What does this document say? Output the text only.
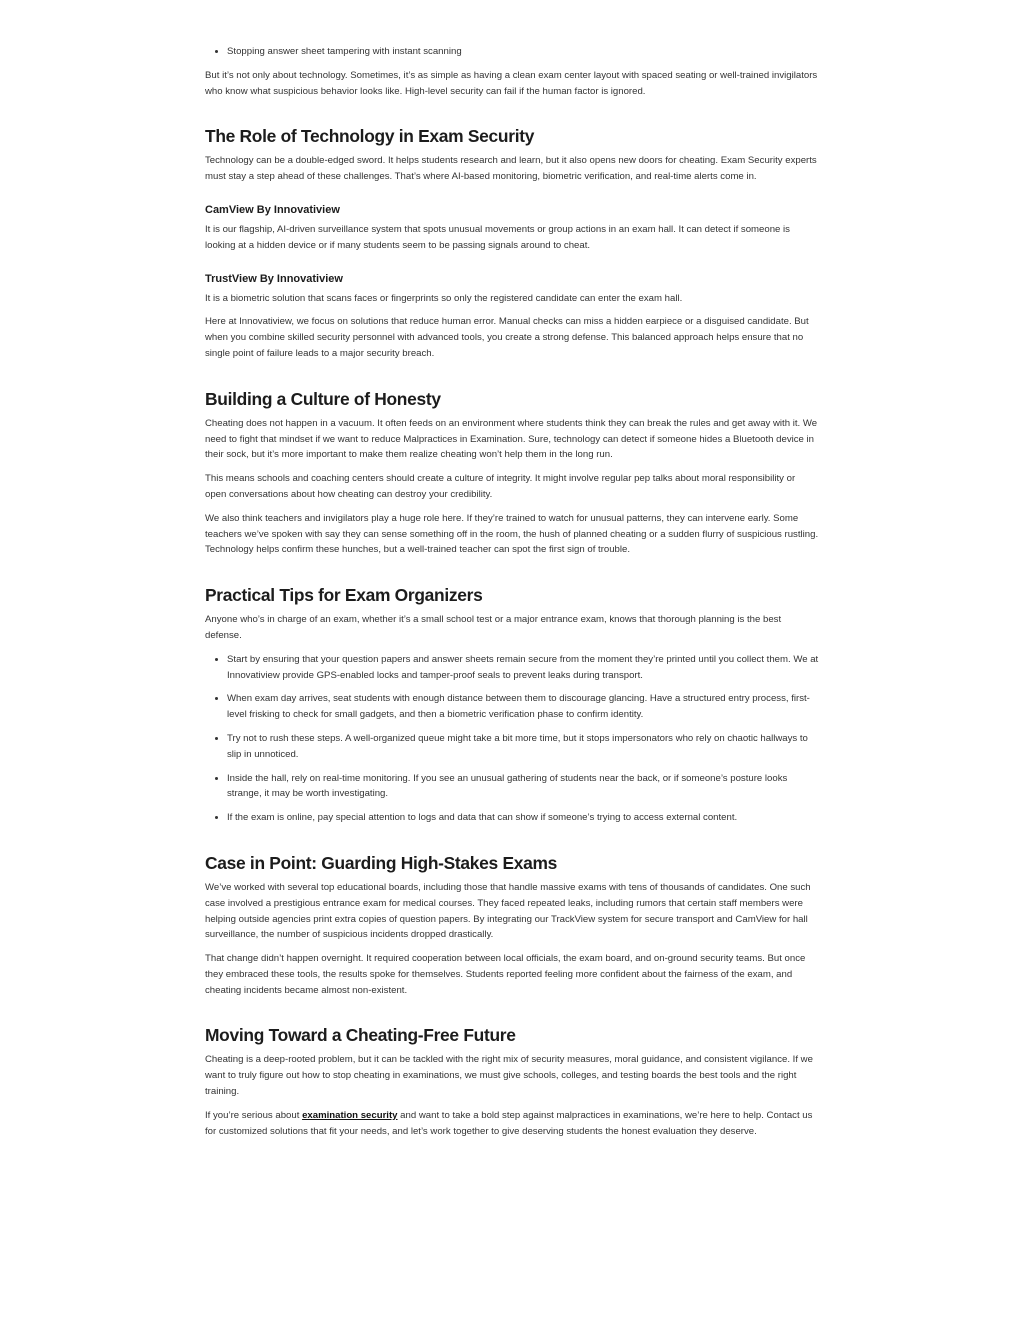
• Stopping answer sheet tampering with instant scanning

But it’s not only about technology. Sometimes, it’s as simple as having a clean exam center layout with spaced seating or well-trained invigilators who know what suspicious behavior looks like. High-level security can fail if the human factor is ignored.

The Role of Technology in Exam Security

Technology can be a double-edged sword. It helps students research and learn, but it also opens new doors for cheating. Exam Security experts must stay a step ahead of these challenges. That’s where AI-based monitoring, biometric verification, and real-time alerts come in.

CamView By Innovatiview

It is our flagship, AI-driven surveillance system that spots unusual movements or group actions in an exam hall. It can detect if someone is looking at a hidden device or if many students seem to be passing signals around to cheat.

TrustView By Innovatiview

It is a biometric solution that scans faces or fingerprints so only the registered candidate can enter the exam hall.

Here at Innovatiview, we focus on solutions that reduce human error. Manual checks can miss a hidden earpiece or a disguised candidate. But when you combine skilled security personnel with advanced tools, you create a strong defense. This balanced approach helps ensure that no single point of failure leads to a major security breach.

Building a Culture of Honesty

Cheating does not happen in a vacuum. It often feeds on an environment where students think they can break the rules and get away with it. We need to fight that mindset if we want to reduce Malpractices in Examination. Sure, technology can detect if someone hides a Bluetooth device in their sock, but it’s more important to make them realize cheating won’t help them in the long run.

This means schools and coaching centers should create a culture of integrity. It might involve regular pep talks about moral responsibility or open conversations about how cheating can destroy your credibility.

We also think teachers and invigilators play a huge role here. If they’re trained to watch for unusual patterns, they can intervene early. Some teachers we’ve spoken with say they can sense something off in the room, the hush of planned cheating or a sudden flurry of suspicious rustling. Technology helps confirm these hunches, but a well-trained teacher can spot the first sign of trouble.

Practical Tips for Exam Organizers

Anyone who’s in charge of an exam, whether it’s a small school test or a major entrance exam, knows that thorough planning is the best defense.

• Start by ensuring that your question papers and answer sheets remain secure from the moment they’re printed until you collect them. We at Innovatiview provide GPS-enabled locks and tamper-proof seals to prevent leaks during transport.
• When exam day arrives, seat students with enough distance between them to discourage glancing. Have a structured entry process, first-level frisking to check for small gadgets, and then a biometric verification phase to confirm identity.
• Try not to rush these steps. A well-organized queue might take a bit more time, but it stops impersonators who rely on chaotic hallways to slip in unnoticed.
• Inside the hall, rely on real-time monitoring. If you see an unusual gathering of students near the back, or if someone’s posture looks strange, it may be worth investigating.
• If the exam is online, pay special attention to logs and data that can show if someone’s trying to access external content.
Case in Point: Guarding High-Stakes Exams

We’ve worked with several top educational boards, including those that handle massive exams with tens of thousands of candidates. One such case involved a prestigious entrance exam for medical courses. They faced repeated leaks, including rumors that certain staff members were helping outside agencies print extra copies of question papers. By integrating our TrackView system for secure transport and CamView for hall surveillance, the number of suspicious incidents dropped drastically.

That change didn’t happen overnight. It required cooperation between local officials, the exam board, and on-ground security teams. But once they embraced these tools, the results spoke for themselves. Students reported feeling more confident about the fairness of the exam, and cheating incidents became almost non-existent.

Moving Toward a Cheating-Free Future

Cheating is a deep-rooted problem, but it can be tackled with the right mix of security measures, moral guidance, and consistent vigilance. If we want to truly figure out how to stop cheating in examinations, we must give schools, colleges, and testing boards the best tools and the right training.

If you’re serious about examination security and want to take a bold step against malpractices in examinations, we’re here to help. Contact us for customized solutions that fit your needs, and let’s work together to give deserving students the honest evaluation they deserve.
